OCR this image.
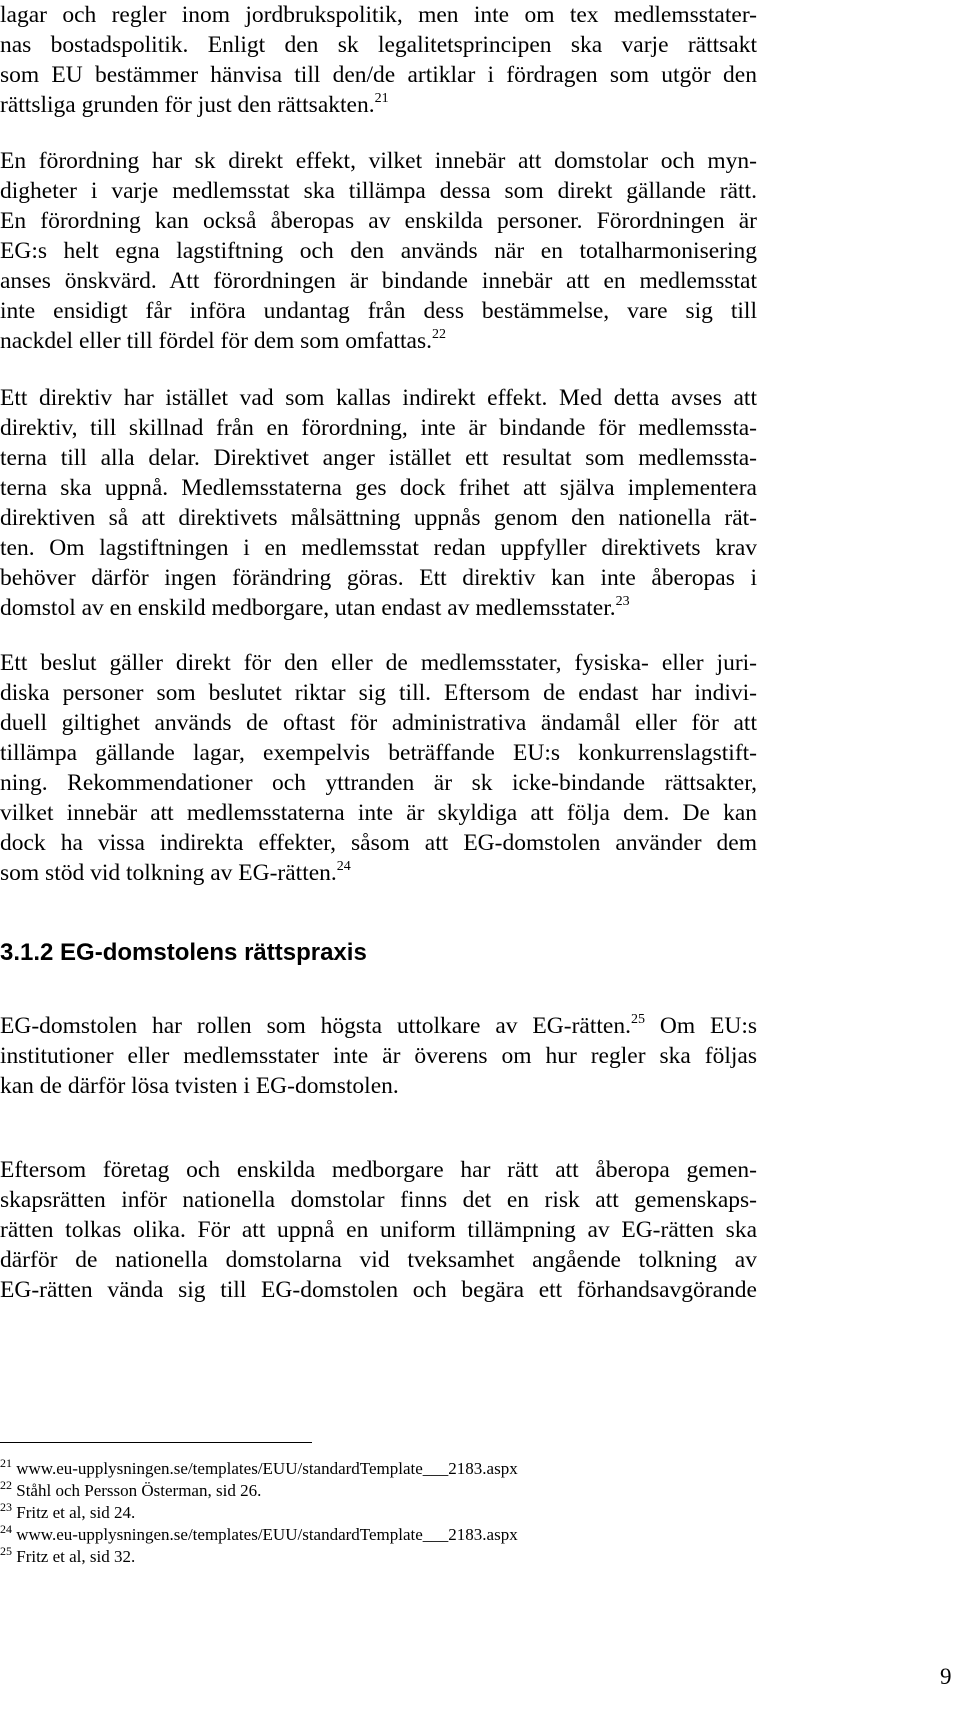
lagar och regler inom jordbrukspolitik, men inte om tex medlemsstater-
nas bostadspolitik. Enligt den sk legalitetsprincipen ska varje rättsakt
som EU bestämmer hänvisa till den/de artiklar i fördragen som utgör den
rättsliga grunden för just den rättsakten.$^{21}$
En förordning har sk direkt effekt, vilket innebär att domstolar och myn-
digheter i varje medlemsstat ska tillämpa dessa som direkt gällande rätt.
En förordning kan också åberopas av enskilda personer. Förordningen är
EG:s helt egna lagstiftning och den används när en totalharmonisering
anses önskvärd. Att förordningen är bindande innebär att en medlemsstat
inte ensidigt får införa undantag från dess bestämmelse, vare sig till
nackdel eller till fördel för dem som omfattas.$^{22}$
Ett direktiv har istället vad som kallas indirekt effekt. Med detta avses att
direktiv, till skillnad från en förordning, inte är bindande för medlemssta-
terna till alla delar. Direktivet anger istället ett resultat som medlemssta-
terna ska uppnå. Medlemsstaterna ges dock frihet att själva implementera
direktiven så att direktivets målsättning uppnås genom den nationella rät-
ten. Om lagstiftningen i en medlemsstat redan uppfyller direktivets krav
behöver därför ingen förändring göras. Ett direktiv kan inte åberopas i
domstol av en enskild medborgare, utan endast av medlemsstater.$^{23}$
Ett beslut gäller direkt för den eller de medlemsstater, fysiska- eller juri-
diska personer som beslutet riktar sig till. Eftersom de endast har indivi-
duell giltighet används de oftast för administrativa ändamål eller för att
tillämpa gällande lagar, exempelvis beträffande EU:s konkurrenslagstift-
ning. Rekommendationer och yttranden är sk icke-bindande rättsakter,
vilket innebär att medlemsstaterna inte är skyldiga att följa dem. De kan
dock ha vissa indirekta effekter, såsom att EG-domstolen använder dem
som stöd vid tolkning av EG-rätten.$^{24}$
3.1.2 EG-domstolens rättspraxis
EG-domstolen har rollen som högsta uttolkare av EG-rätten.$^{25}$ Om EU:s
institutioner eller medlemsstater inte är överens om hur regler ska följas
kan de därför lösa tvisten i EG-domstolen.
Eftersom företag och enskilda medborgare har rätt att åberopa gemen-
skapsrätten inför nationella domstolar finns det en risk att gemenskaps-
rätten tolkas olika. För att uppnå en uniform tillämpning av EG-rätten ska
därför de nationella domstolarna vid tveksamhet angående tolkning av
EG-rätten vända sig till EG-domstolen och begära ett förhandsavgörande
$^{21}$ www.eu-upplysningen.se/templates/EUU/standardTemplate___2183.aspx
$^{22}$ Ståhl och Persson Österman, sid 26.
$^{23}$ Fritz et al, sid 24.
$^{24}$ www.eu-upplysningen.se/templates/EUU/standardTemplate___2183.aspx
$^{25}$ Fritz et al, sid 32.
9
